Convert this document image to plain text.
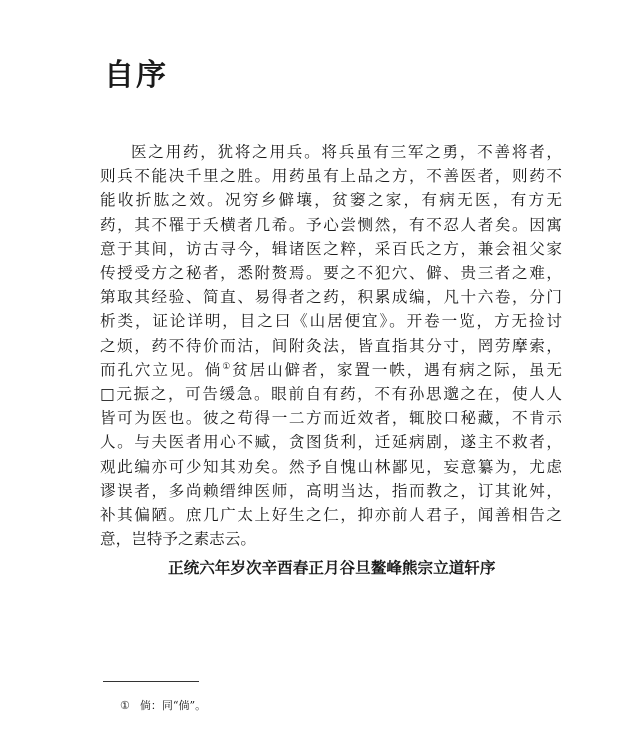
自序
医之用药，犹将之用兵。将兵虽有三军之勇，不善将者，
则兵不能决千里之胜。用药虽有上品之方，不善医者，则药不
能收折肱之效。况穷乡僻壤，贫窭之家，有病无医，有方无
药，其不罹于夭横者几希。予心尝恻然，有不忍人者矣。因寓
意于其间，访古寻今，辑诸医之粹，采百氏之方，兼会祖父家
传授受方之秘者，悉附赘焉。要之不犯穴、僻、贵三者之难，
第取其经验、简直、易得者之药，积累成编，凡十六卷，分门
析类，证论详明，目之曰《山居便宜》。开卷一览，方无捡讨
之烦，药不待价而沽，间附灸法，皆直指其分寸，罔劳摩索，
而孔穴立见。倘①贫居山僻者，家置一帙，遇有病之际，虽无
□元振之，可告缓急。眼前自有药，不有孙思邈之在，使人人
皆可为医也。彼之苟得一二方而近效者，辄胶口秘藏，不肯示
人。与夫医者用心不臧，贪图货利，迁延病剧，遂主不救者，
观此编亦可少知其劝矣。然予自愧山林鄙见，妄意纂为，尤虑
谬误者，多尚赖缙绅医师，高明当达，指而教之，订其讹舛，
补其偏陋。庶几广太上好生之仁，抑亦前人君子，闻善相告之
意，岂特予之素志云。
正统六年岁次辛酉春正月谷旦鳌峰熊宗立道轩序
① 倘：同“倘”。
